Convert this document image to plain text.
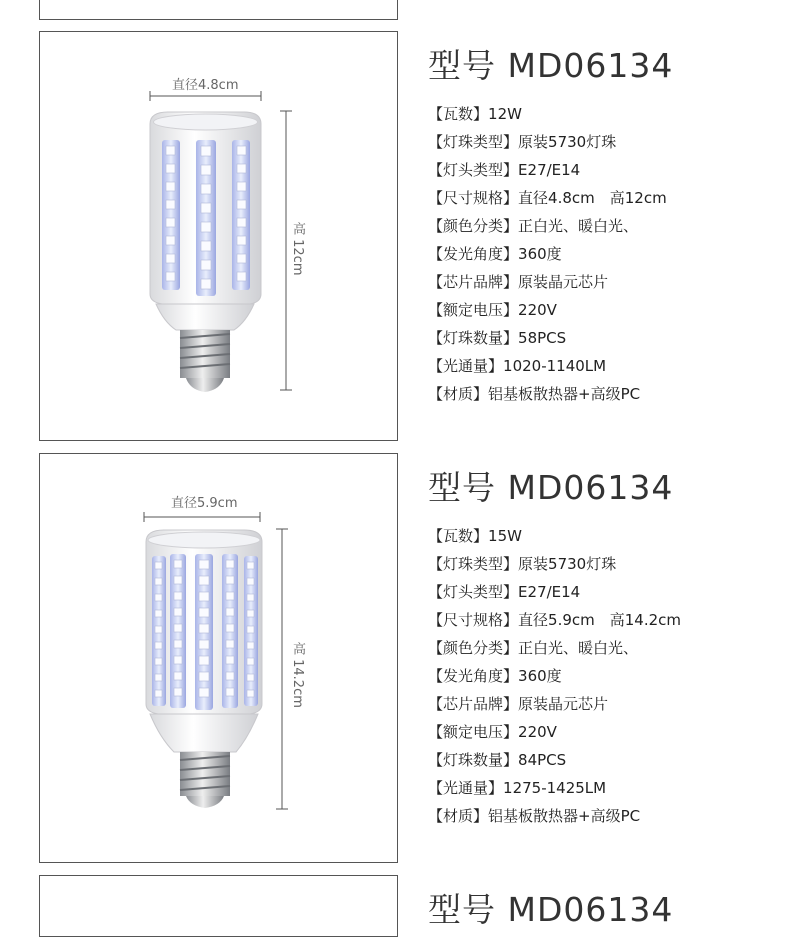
直径4.8cm
高 12cm
型号 MD06134
【 瓦数 】 12W
【 灯珠类型 】 原装5730灯珠
【 灯头类型 】 E27/E14
【 尺寸规格 】 直径4.8cm　高12cm
【 颜色分类 】 正白光、暖白光、
【 发光角度 】 360度
【 芯片品牌 】 原装晶元芯片
【 额定电压 】 220V
【 灯珠数量 】 58PCS
【 光通量 】 1020-1140LM
【 材质 】 铝基板散热器+高级PC
直径5.9cm
高 14.2cm
型号 MD06134
【 瓦数 】 15W
【 灯珠类型 】 原装5730灯珠
【 灯头类型 】 E27/E14
【 尺寸规格 】 直径5.9cm　高14.2cm
【 颜色分类 】 正白光、暖白光、
【 发光角度 】 360度
【 芯片品牌 】 原装晶元芯片
【 额定电压 】 220V
【 灯珠数量 】 84PCS
【 光通量 】 1275-1425LM
【 材质 】 铝基板散热器+高级PC
型号 MD06134
